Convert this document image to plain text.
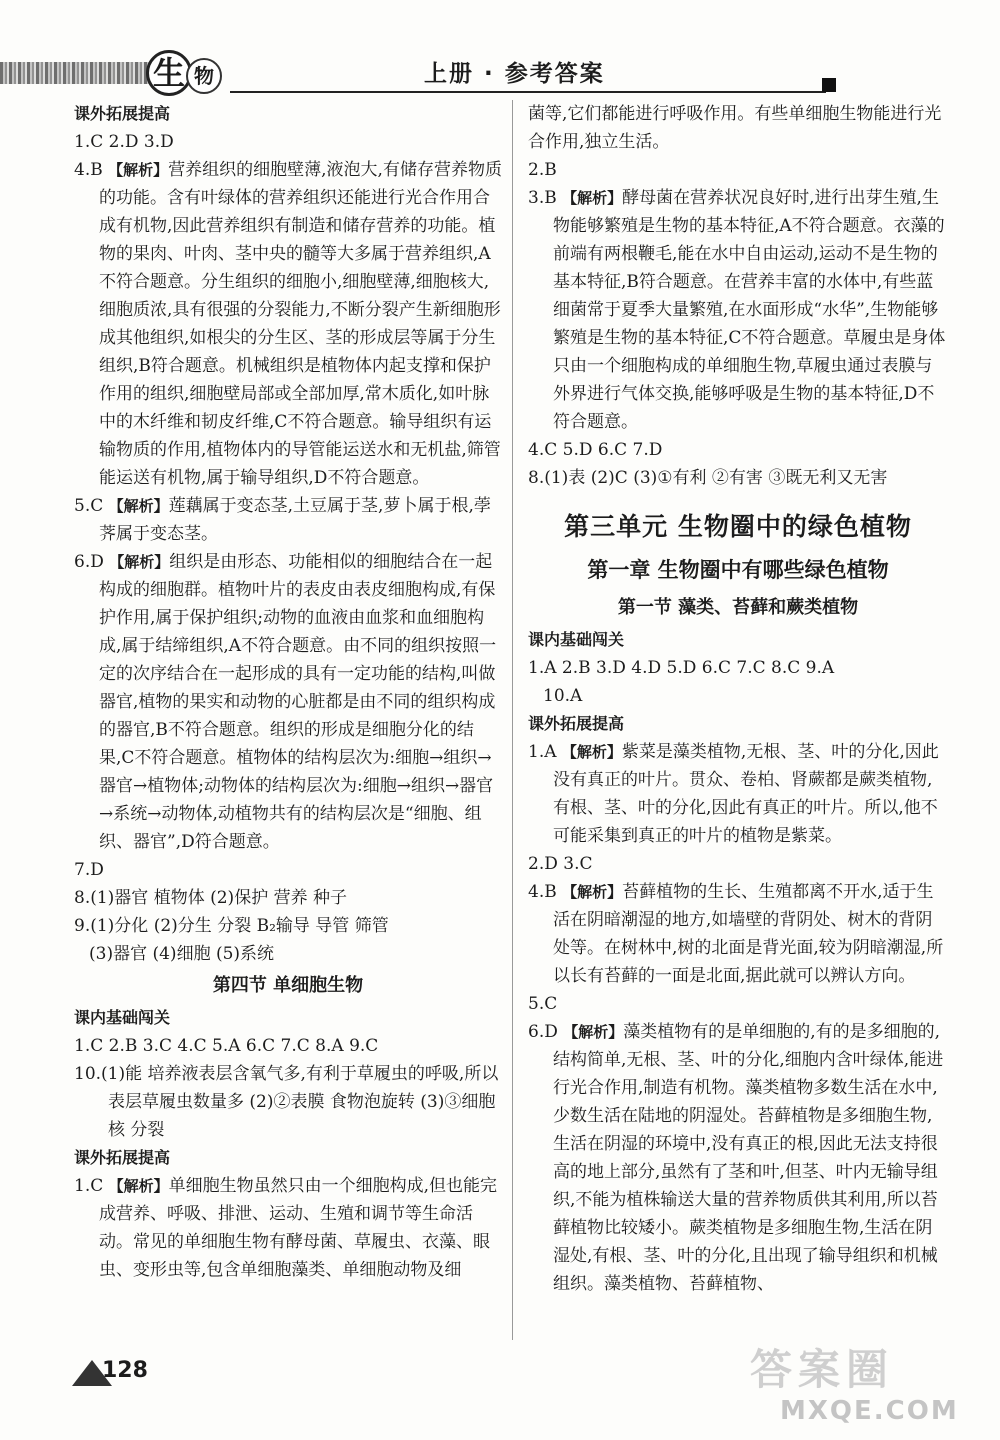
生 物	上册 · 参考答案
课外拓展提高
1.C 2.D 3.D
4.B 【解析】营养组织的细胞壁薄,液泡大,有储存营养物质的功能。含有叶绿体的营养组织还能进行光合作用合成有机物,因此营养组织有制造和储存营养的功能。植物的果肉、叶肉、茎中央的髓等大多属于营养组织,A不符合题意。分生组织的细胞小,细胞壁薄,细胞核大,细胞质浓,具有很强的分裂能力,不断分裂产生新细胞形成其他组织,如根尖的分生区、茎的形成层等属于分生组织,B符合题意。机械组织是植物体内起支撑和保护作用的组织,细胞壁局部或全部加厚,常木质化,如叶脉中的木纤维和韧皮纤维,C不符合题意。输导组织有运输物质的作用,植物体内的导管能运送水和无机盐,筛管能运送有机物,属于输导组织,D不符合题意。
5.C 【解析】莲藕属于变态茎,土豆属于茎,萝卜属于根,荸荠属于变态茎。
6.D 【解析】组织是由形态、功能相似的细胞结合在一起构成的细胞群。植物叶片的表皮由表皮细胞构成,有保护作用,属于保护组织;动物的血液由血浆和血细胞构成,属于结缔组织,A不符合题意。由不同的组织按照一定的次序结合在一起形成的具有一定功能的结构,叫做器官,植物的果实和动物的心脏都是由不同的组织构成的器官,B不符合题意。组织的形成是细胞分化的结果,C不符合题意。植物体的结构层次为:细胞→组织→器官→植物体;动物体的结构层次为:细胞→组织→器官→系统→动物体,动植物共有的结构层次是“细胞、组织、器官”,D符合题意。
7.D
8.(1)器官 植物体 (2)保护 营养 种子
9.(1)分化 (2)分生 分裂 B₂输导 导管 筛管
(3)器官 (4)细胞 (5)系统
第四节 单细胞生物
课内基础闯关
1.C 2.B 3.C 4.C 5.A 6.C 7.C 8.A 9.C
10.(1)能 培养液表层含氧气多,有利于草履虫的呼吸,所以表层草履虫数量多 (2)②表膜 食物泡旋转 (3)③细胞核 分裂
课外拓展提高
1.C 【解析】单细胞生物虽然只由一个细胞构成,但也能完成营养、呼吸、排泄、运动、生殖和调节等生命活动。常见的单细胞生物有酵母菌、草履虫、衣藻、眼虫、变形虫等,包含单细胞藻类、单细胞动物及细
菌等,它们都能进行呼吸作用。有些单细胞生物能进行光合作用,独立生活。
2.B
3.B 【解析】酵母菌在营养状况良好时,进行出芽生殖,生物能够繁殖是生物的基本特征,A不符合题意。衣藻的前端有两根鞭毛,能在水中自由运动,运动不是生物的基本特征,B符合题意。在营养丰富的水体中,有些蓝细菌常于夏季大量繁殖,在水面形成“水华”,生物能够繁殖是生物的基本特征,C不符合题意。草履虫是身体只由一个细胞构成的单细胞生物,草履虫通过表膜与外界进行气体交换,能够呼吸是生物的基本特征,D不符合题意。
4.C 5.D 6.C 7.D
8.(1)表 (2)C (3)①有利 ②有害 ③既无利又无害
第三单元 生物圈中的绿色植物
第一章 生物圈中有哪些绿色植物
第一节 藻类、苔藓和蕨类植物
课内基础闯关
1.A 2.B 3.D 4.D 5.D 6.C 7.C 8.C 9.A
10.A
课外拓展提高
1.A 【解析】紫菜是藻类植物,无根、茎、叶的分化,因此没有真正的叶片。贯众、卷柏、肾蕨都是蕨类植物,有根、茎、叶的分化,因此有真正的叶片。所以,他不可能采集到真正的叶片的植物是紫菜。
2.D 3.C
4.B 【解析】苔藓植物的生长、生殖都离不开水,适于生活在阴暗潮湿的地方,如墙壁的背阴处、树木的背阴处等。在树林中,树的北面是背光面,较为阴暗潮湿,所以长有苔藓的一面是北面,据此就可以辨认方向。
5.C
6.D 【解析】藻类植物有的是单细胞的,有的是多细胞的,结构简单,无根、茎、叶的分化,细胞内含叶绿体,能进行光合作用,制造有机物。藻类植物多数生活在水中,少数生活在陆地的阴湿处。苔藓植物是多细胞生物,生活在阴湿的环境中,没有真正的根,因此无法支持很高的地上部分,虽然有了茎和叶,但茎、叶内无输导组织,不能为植株输送大量的营养物质供其利用,所以苔藓植物比较矮小。蕨类植物是多细胞生物,生活在阴湿处,有根、茎、叶的分化,且出现了输导组织和机械组织。藻类植物、苔藓植物、
128	答案圈
MXQE.COM
